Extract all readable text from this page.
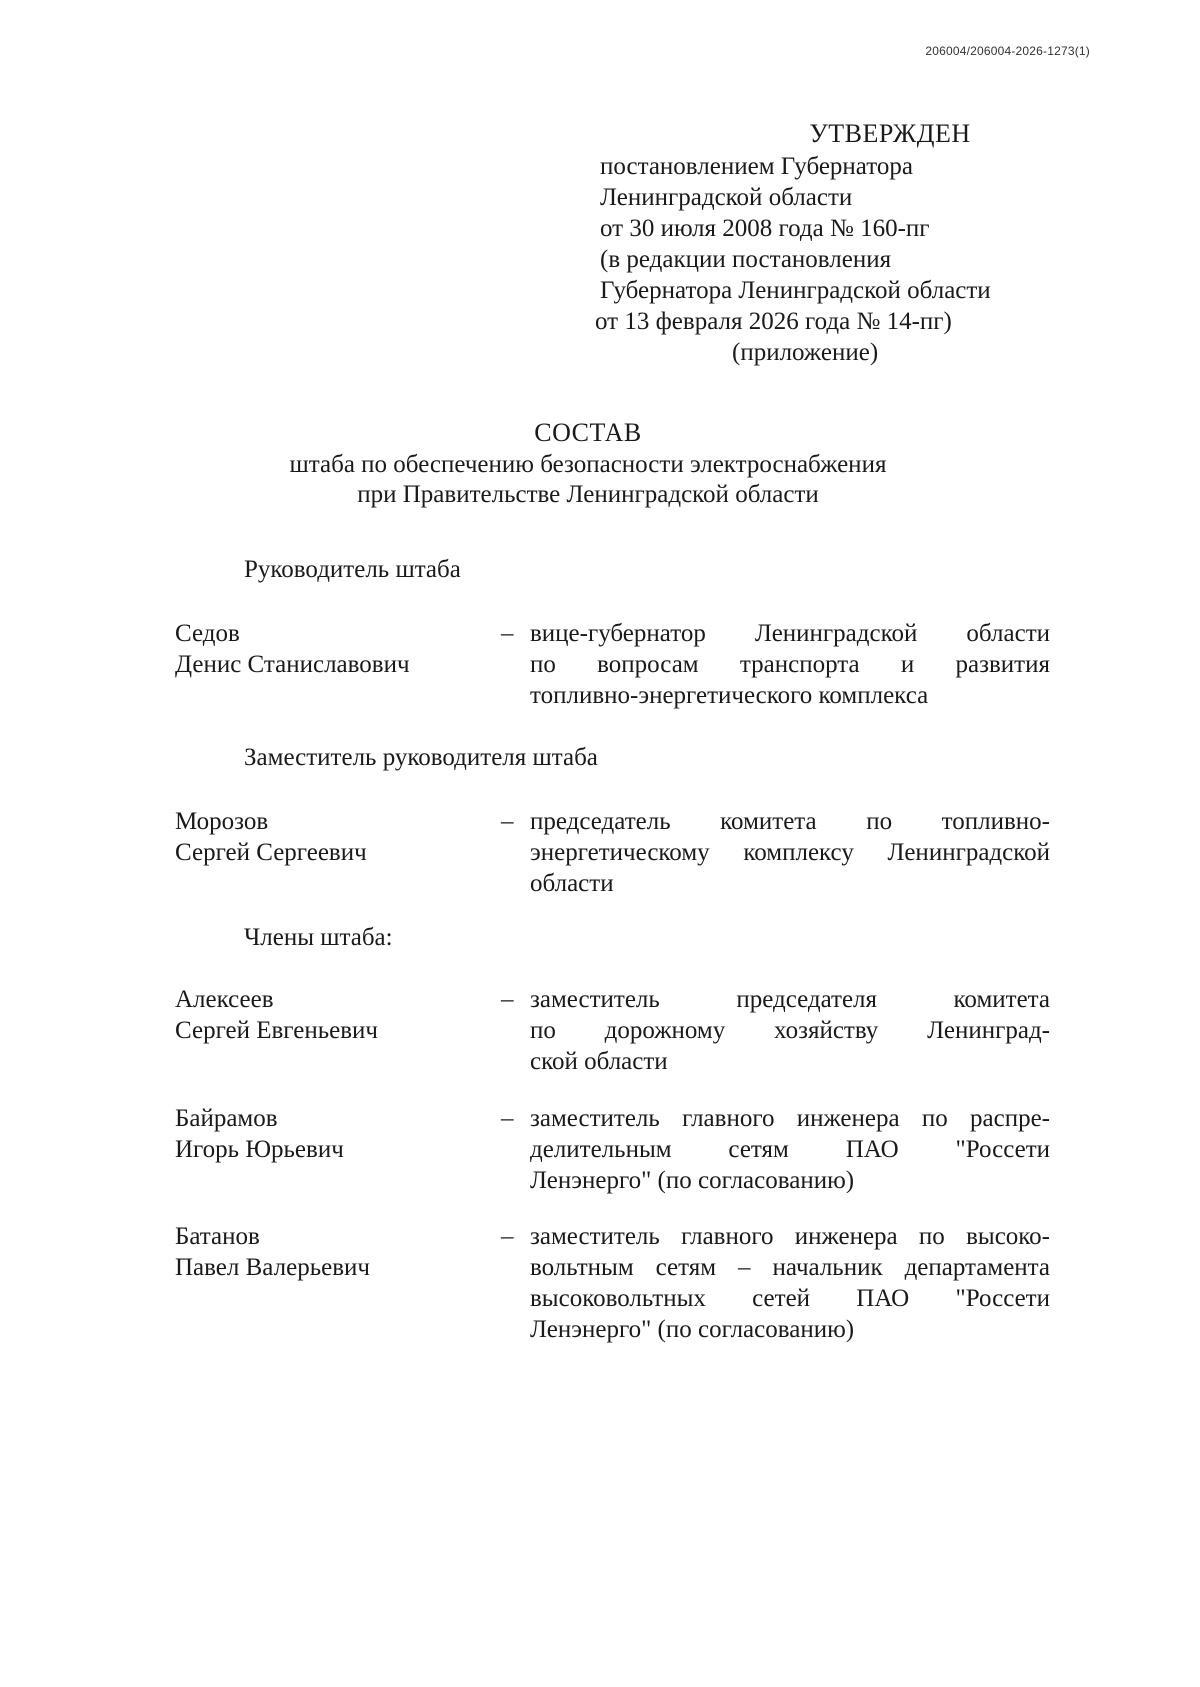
206004/206004-2026-1273(1)
УТВЕРЖДЕН
постановлением Губернатора
Ленинградской области
от 30 июля 2008 года № 160-пг
(в редакции постановления
Губернатора Ленинградской области
от 13 февраля 2026 года № 14-пг)
(приложение)
СОСТАВ
штаба по обеспечению безопасности электроснабжения
при Правительстве Ленинградской области
Руководитель штаба
Седов
Денис Станиславович
– вице-губернатор Ленинградской области
по вопросам транспорта и развития
топливно-энергетического комплекса
Заместитель руководителя штаба
Морозов
Сергей Сергеевич
– председатель комитета по топливно-
энергетическому комплексу Ленинградской
области
Члены штаба:
Алексеев
Сергей Евгеньевич
– заместитель председателя комитета
по дорожному хозяйству Ленинград-
ской области
Байрамов
Игорь Юрьевич
– заместитель главного инженера по распре-
делительным сетям ПАО "Россети
Ленэнерго" (по согласованию)
Батанов
Павел Валерьевич
– заместитель главного инженера по высоко-
вольтным сетям – начальник департамента
высоковольтных сетей ПАО "Россети
Ленэнерго" (по согласованию)
